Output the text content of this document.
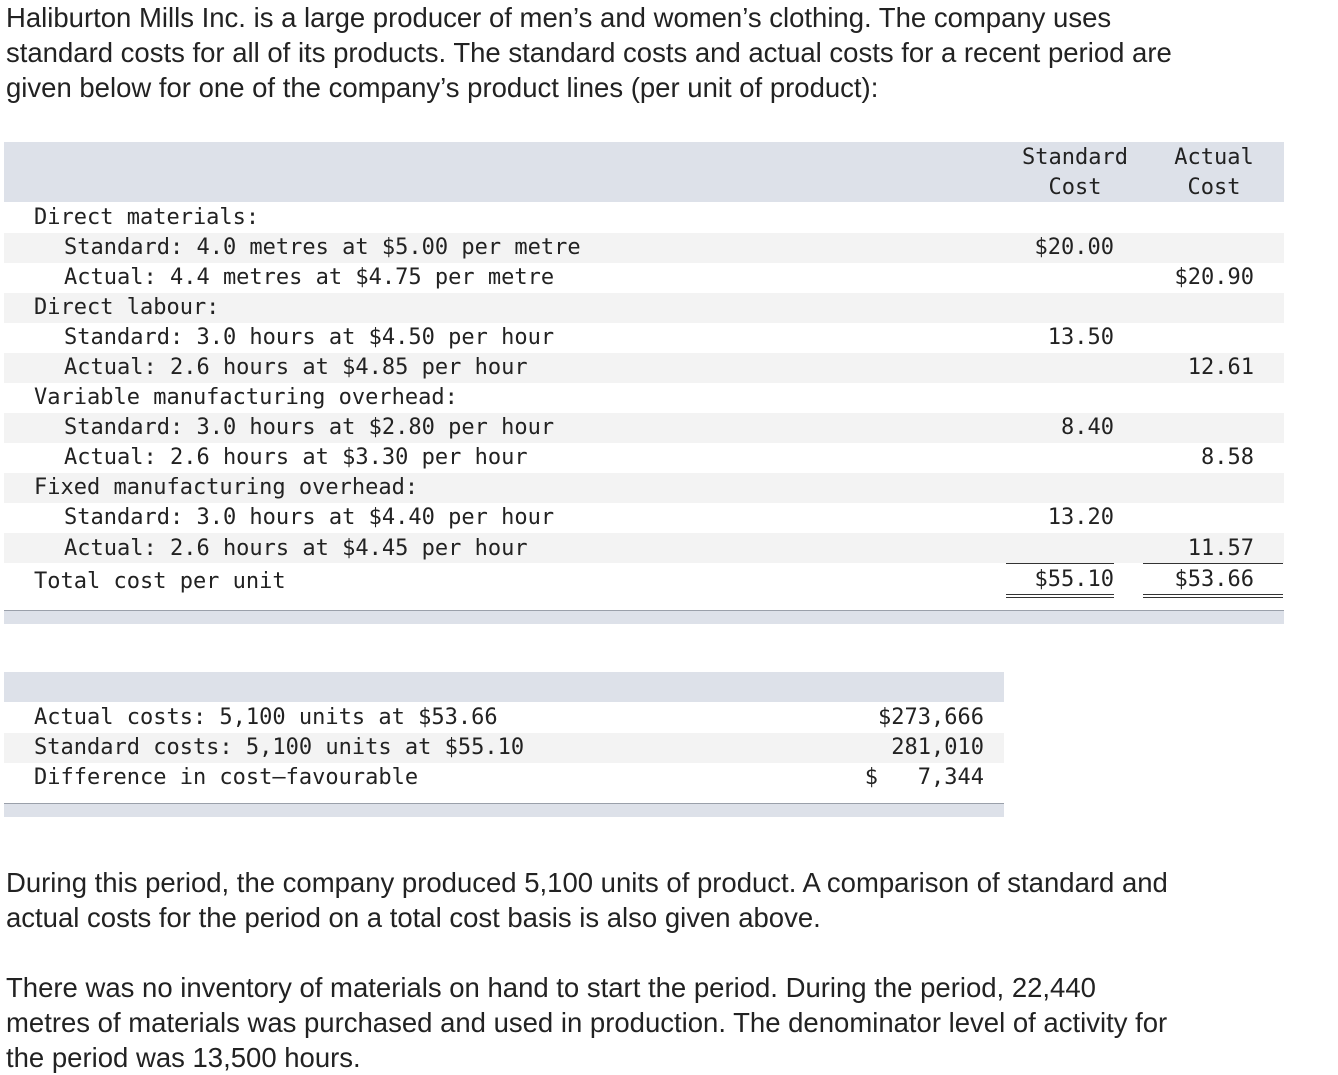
Haliburton Mills Inc. is a large producer of men’s and women’s clothing. The company uses
standard costs for all of its products. The standard costs and actual costs for a recent period are
given below for one of the company’s product lines (per unit of product):
Standard
Cost
Actual
Cost
Direct materials:
Standard: 4.0 metres at $5.00 per metre
Actual: 4.4 metres at $4.75 per metre
Direct labour:
Standard: 3.0 hours at $4.50 per hour
Actual: 2.6 hours at $4.85 per hour
Variable manufacturing overhead:
Standard: 3.0 hours at $2.80 per hour
Actual: 2.6 hours at $3.30 per hour
Fixed manufacturing overhead:
Standard: 3.0 hours at $4.40 per hour
Actual: 2.6 hours at $4.45 per hour
$20.00
13.50
8.40
13.20
$20.90
12.61
8.58
11.57
Total cost per unit	$55.10	$53.66
Actual costs: 5,100 units at $53.66
Standard costs: 5,100 units at $55.10
Difference in cost—favourable
$273,666
281,010
$   7,344
During this period, the company produced 5,100 units of product. A comparison of standard and
actual costs for the period on a total cost basis is also given above.
There was no inventory of materials on hand to start the period. During the period, 22,440
metres of materials was purchased and used in production. The denominator level of activity for
the period was 13,500 hours.
